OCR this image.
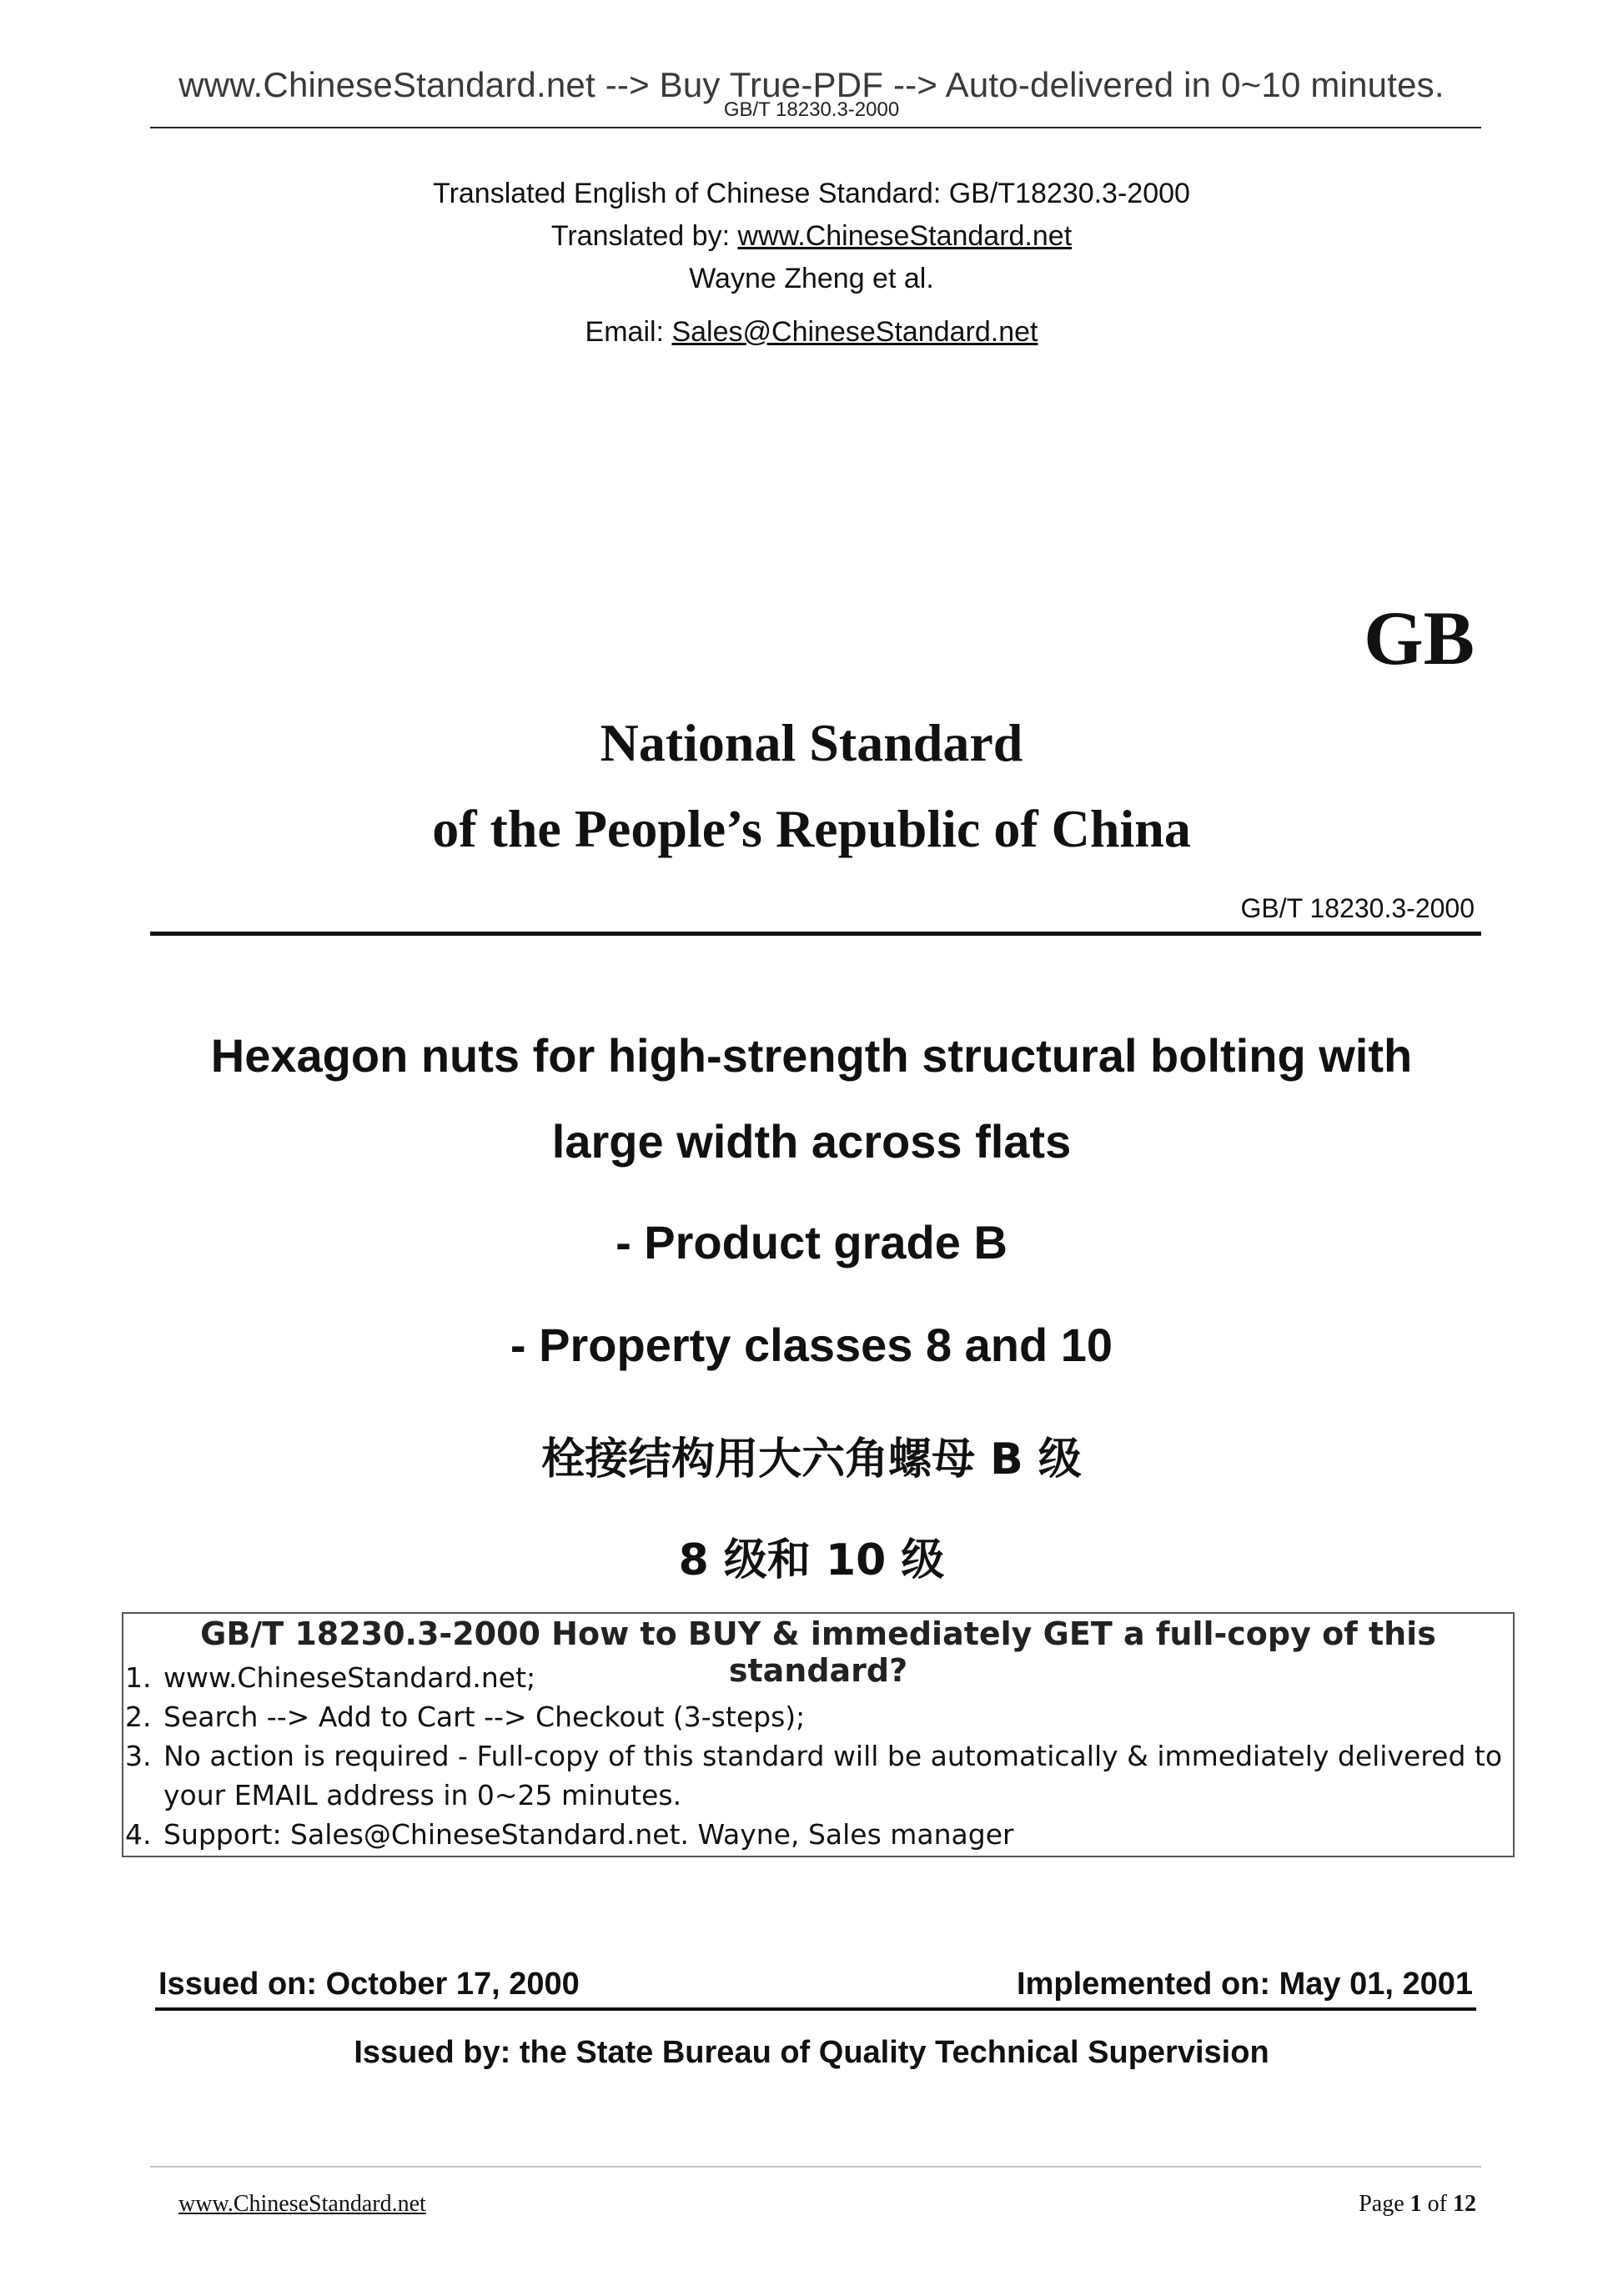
www.ChineseStandard.net --> Buy True-PDF --> Auto-delivered in 0~10 minutes.
GB/T 18230.3-2000
Translated English of Chinese Standard: GB/T18230.3-2000
Translated by: www.ChineseStandard.net
Wayne Zheng et al.
Email: Sales@ChineseStandard.net
GB
National Standard
of the People’s Republic of China
GB/T 18230.3-2000
Hexagon nuts for high-strength structural bolting with
large width across flats
- Product grade B
- Property classes 8 and 10
栓接结构用大六角螺母 B 级
8 级和 10 级
GB/T 18230.3-2000 How to BUY & immediately GET a full-copy of this standard?
1. www.ChineseStandard.net;
2. Search --> Add to Cart --> Checkout (3-steps);
3. No action is required - Full-copy of this standard will be automatically & immediately delivered to
your EMAIL address in 0~25 minutes.
4. Support: Sales@ChineseStandard.net. Wayne, Sales manager
Issued on: October 17, 2000	Implemented on: May 01, 2001
Issued by: the State Bureau of Quality Technical Supervision
www.ChineseStandard.net	Page 1 of 12
